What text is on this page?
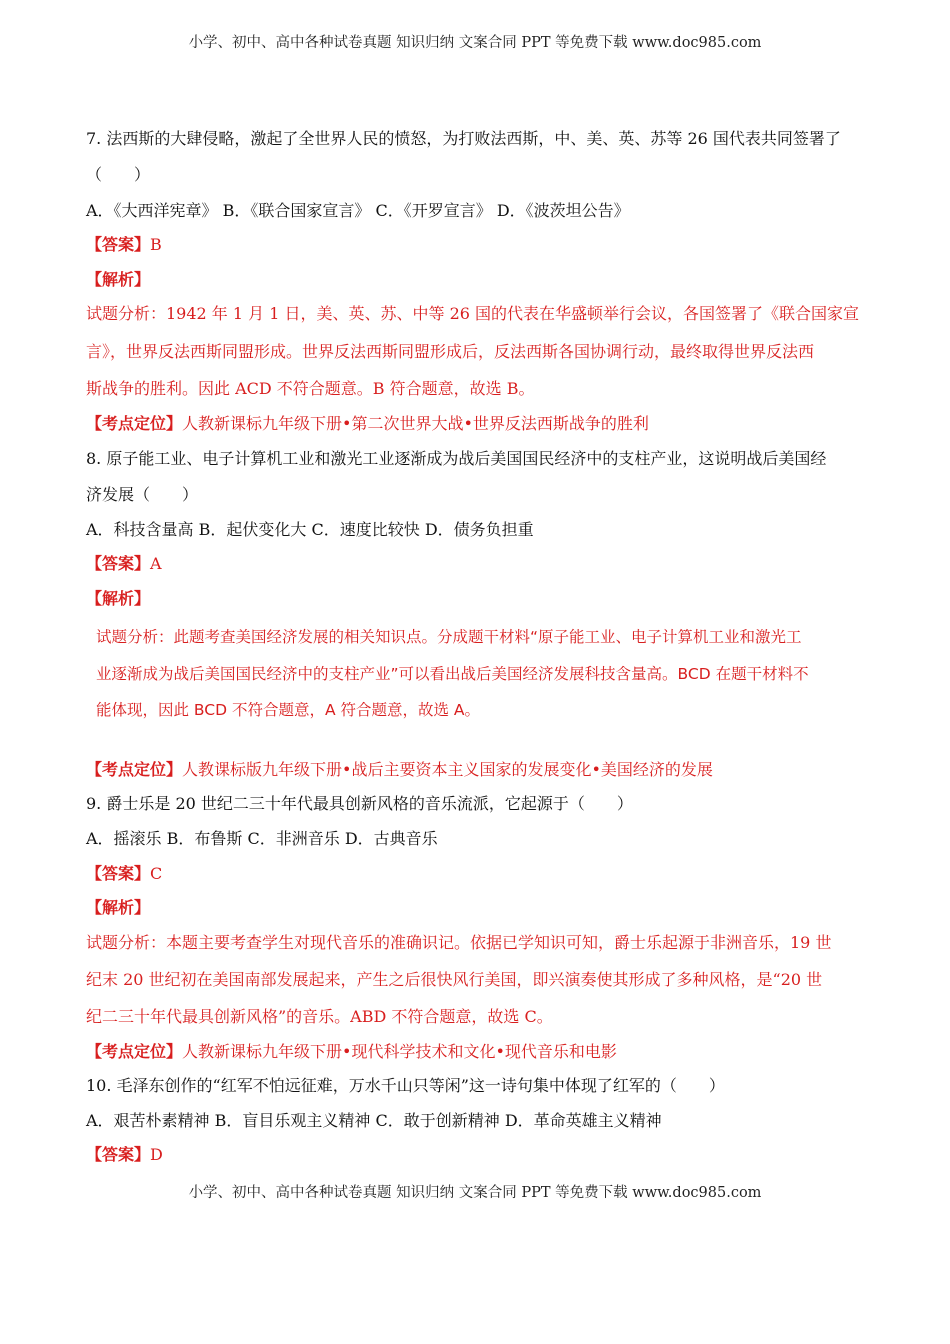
小学、初中、高中各种试卷真题 知识归纳 文案合同 PPT 等免费下载 www.doc985.com
7. 法西斯的大肆侵略，激起了全世界人民的愤怒，为打败法西斯，中、美、英、苏等 26 国代表共同签署了
（　　）
A．《大西洋宪章》 B．《联合国家宣言》 C．《开罗宣言》 D．《波茨坦公告》
【答案】B
【解析】
试题分析：1942 年 1 月 1 日，美、英、苏、中等 26 国的代表在华盛顿举行会议，各国签署了《联合国家宣
言》，世界反法西斯同盟形成。世界反法西斯同盟形成后，反法西斯各国协调行动，最终取得世界反法西
斯战争的胜利。因此 ACD 不符合题意。B 符合题意，故选 B。
【考点定位】人教新课标九年级下册•第二次世界大战•世界反法西斯战争的胜利
8. 原子能工业、电子计算机工业和激光工业逐渐成为战后美国国民经济中的支柱产业，这说明战后美国经
济发展（　　）
A．科技含量高 B．起伏变化大 C．速度比较快 D．债务负担重
【答案】A
【解析】
试题分析：此题考查美国经济发展的相关知识点。分成题干材料“原子能工业、电子计算机工业和激光工
业逐渐成为战后美国国民经济中的支柱产业”可以看出战后美国经济发展科技含量高。BCD 在题干材料不
能体现，因此 BCD 不符合题意，A 符合题意，故选 A。
【考点定位】人教课标版九年级下册•战后主要资本主义国家的发展变化•美国经济的发展
9. 爵士乐是 20 世纪二三十年代最具创新风格的音乐流派，它起源于（　　）
A．摇滚乐 B．布鲁斯 C．非洲音乐 D．古典音乐
【答案】C
【解析】
试题分析：本题主要考查学生对现代音乐的准确识记。依据已学知识可知，爵士乐起源于非洲音乐，19 世
纪末 20 世纪初在美国南部发展起来，产生之后很快风行美国，即兴演奏使其形成了多种风格，是“20 世
纪二三十年代最具创新风格”的音乐。ABD 不符合题意，故选 C。
【考点定位】人教新课标九年级下册•现代科学技术和文化•现代音乐和电影
10. 毛泽东创作的“红军不怕远征难，万水千山只等闲”这一诗句集中体现了红军的（　　）
A．艰苦朴素精神 B．盲目乐观主义精神 C．敢于创新精神 D．革命英雄主义精神
【答案】D
小学、初中、高中各种试卷真题 知识归纳 文案合同 PPT 等免费下载 www.doc985.com
